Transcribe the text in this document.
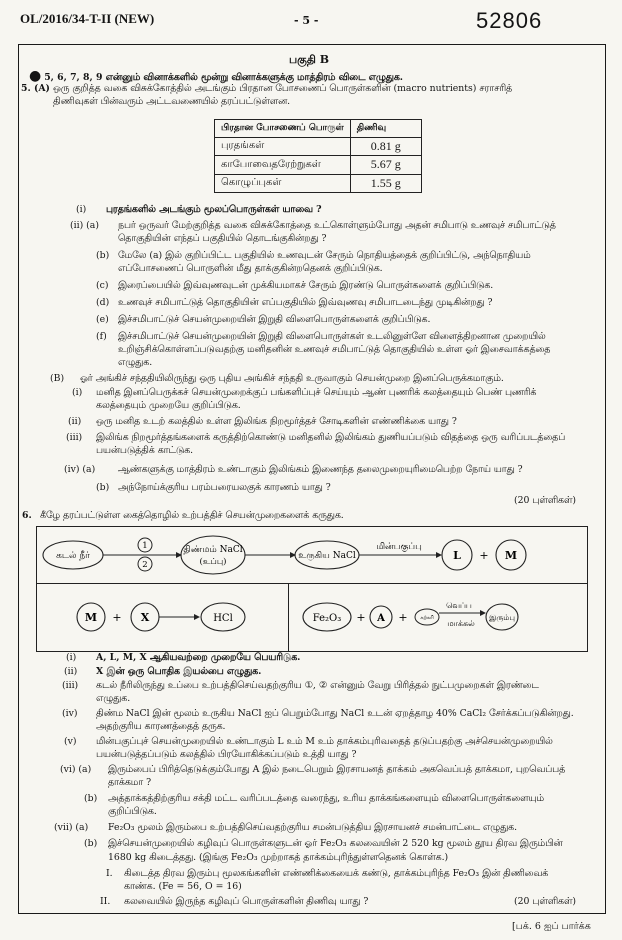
OL/2016/34-T-II (NEW)	- 5 -	52806
பகுதி B
● 5, 6, 7, 8, 9 என்னும் வினாக்களில் மூன்று வினாக்களுக்கு மாத்திரம் விடை எழுதுக.
5. (A) ஒரு குறித்த வகை விசுக்கோத்தில் அடங்கும் பிரதான போசணைப் பொருள்களின் (macro nutrients) சராசரித்
திணிவுகள் பின்வரும் அட்டவணையில் தரப்பட்டுள்ளன.
பிரதான போசணைப் பொருள்	திணிவு
புரதங்கள்	0.81 g
காபோவைதரேற்றுகள்	5.67 g
கொழுப்புகள்	1.55 g
(i) புரதங்களில் அடங்கும் மூலப்பொருள்கள் யாவை ?
(ii) (a) நபர் ஒருவர் மேற்குறித்த வகை விசுக்கோத்தை உட்கொள்ளும்போது அதன் சமிபாடு உணவுச் சமிபாட்டுத்
தொகுதியின் எந்தப் பகுதியில் தொடங்குகின்றது ?
(b) மேலே (a) இல் குறிப்பிட்ட பகுதியில் உணவுடன் சேரும் நொதியத்தைக் குறிப்பிட்டு, அந்நொதியம்
எப்போசணைப் பொருளின் மீது தாக்குகின்றதெனக் குறிப்பிடுக.
(c) இரைப்பையில் இவ்வுணவுடன் முக்கியமாகச் சேரும் இரண்டு பொருள்களைக் குறிப்பிடுக.
(d) உணவுச் சமிபாட்டுத் தொகுதியின் எப்பகுதியில் இவ்வுணவு சமிபாடடைந்து முடிகின்றது ?
(e) இச்சமிபாட்டுச் செயன்முறையின் இறுதி விளைபொருள்களைக் குறிப்பிடுக.
(f) இச்சமிபாட்டுச் செயன்முறையின் இறுதி விளைபொருள்கள் உடலினுள்ளே விளைத்திறனான முறையில்
உறிஞ்சிக்கொள்ளப்படுவதற்கு மனிதனின் உணவுச் சமிபாட்டுத் தொகுதியில் உள்ள ஓர் இசைவாக்கத்தை
எழுதுக.
(B) ஓர் அங்கிச் சந்ததியிலிருந்து ஒரு புதிய அங்கிச் சந்ததி உருவாகும் செயன்முறை இனப்பெருக்கமாகும்.
(i) மனித இனப்பெருக்கச் செயன்முறைக்குப் பங்களிப்புச் செய்யும் ஆண் புணரிக் கலத்தையும் பெண் புணரிக்
கலத்தையும் முறையே குறிப்பிடுக.
(ii) ஒரு மனித உடற் கலத்தில் உள்ள இலிங்க நிறமூர்த்தச் சோடிகளின் எண்ணிக்கை யாது ?
(iii) இலிங்க நிறமூர்த்தங்களைக் கருத்திற்கொண்டு மனிதனில் இலிங்கம் துணியப்படும் விதத்தை ஒரு வரிப்படத்தைப்
பயன்படுத்திக் காட்டுக.
(iv) (a) ஆண்களுக்கு மாத்திரம் உண்டாகும் இலிங்கம் இணைந்த தலைமுறையுரிமைபெற்ற நோய் யாது ?
(b) அந்நோய்க்குரிய பரம்பரையலகுக் காரணம் யாது ?
(20 புள்ளிகள்)
6. கீழே தரப்பட்டுள்ள கைத்தொழில் உற்பத்திச் செயன்முறைகளைக் கருதுக.
கடல் நீர்
1
2
திண்மம் NaCl
(உப்பு)
உருகிய NaCl
மின்பகுப்பு
L + M
M + X	HCl	Fe₂O₃ + A +	கற்கரி
வெப்ப
மாக்கல்
இரும்பு
(i) A, L, M, X ஆகியவற்றை முறையே பெயரிடுக.
(ii) X இன் ஒரு பொதிக இயல்பை எழுதுக.
(iii) கடல் நீரிலிருந்து உப்பை உற்பத்திசெய்வதற்குரிய ①, ② என்னும் வேறு பிரித்தல் நுட்பமுறைகள் இரண்டை
எழுதுக.
(iv) திண்ம NaCl இன் மூலம் உருகிய NaCl ஐப் பெறும்போது NaCl உடன் ஏறத்தாழ 40% CaCl₂ சேர்க்கப்படுகின்றது.
அதற்குரிய காரணத்தைத் தருக.
(v) மின்பகுப்புச் செயன்முறையில் உண்டாகும் L உம் M உம் தாக்கம்புரிவதைத் தடுப்பதற்கு அச்செயன்முறையில்
பயன்படுத்தப்படும் கலத்தில் பிரயோகிக்கப்படும் உத்தி யாது ?
(vi) (a) இரும்பைப் பிரித்தெடுக்கும்போது A இல் நடைபெறும் இரசாயனத் தாக்கம் அகவெப்பத் தாக்கமா, புறவெப்பத்
தாக்கமா ?
(b) அத்தாக்கத்திற்குரிய சக்தி மட்ட வரிப்படத்தை வரைந்து, உரிய தாக்கங்களையும் விளைபொருள்களையும்
குறிப்பிடுக.
(vii) (a) Fe₂O₃ மூலம் இரும்பை உற்பத்திசெய்வதற்குரிய சமன்படுத்திய இரசாயனச் சமன்பாட்டை எழுதுக.
(b) இச்செயன்முறையில் கழிவுப் பொருள்களுடன் ஓர் Fe₂O₃ கலவையின் 2 520 kg மூலம் தூய திரவ இரும்பின்
1680 kg கிடைத்தது. (இங்கு Fe₂O₃ முற்றாகத் தாக்கம்புரிந்துள்ளதெனக் கொள்க.)
I. கிடைத்த திரவ இரும்பு மூலகங்களின் எண்ணிக்கையைக் கண்டு, தாக்கம்புரிந்த Fe₂O₃ இன் திணிவைக்
காண்க. (Fe = 56, O = 16)
II. கலவையில் இருந்த கழிவுப் பொருள்களின் திணிவு யாது ?	(20 புள்ளிகள்)
[பக். 6 ஐப் பார்க்க
